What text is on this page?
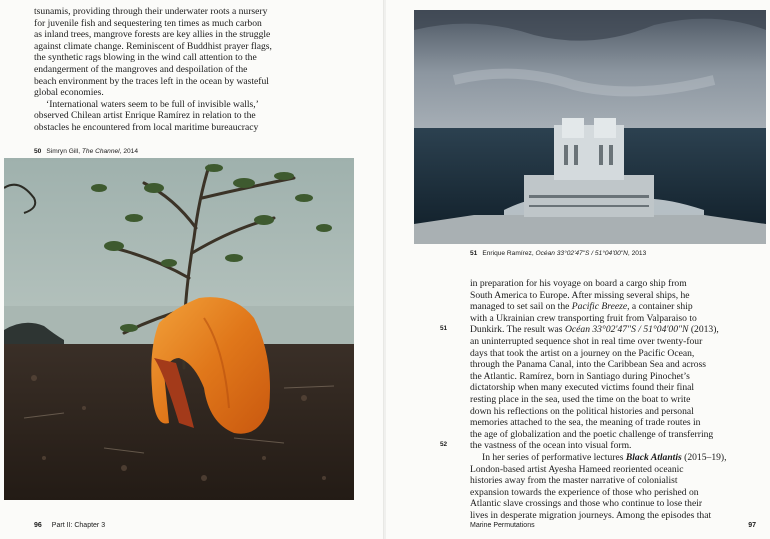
tsunamis, providing through their underwater roots a nursery
for juvenile fish and sequestering ten times as much carbon
as inland trees, mangrove forests are key allies in the struggle
against climate change. Reminiscent of Buddhist prayer flags,
the synthetic rags blowing in the wind call attention to the
endangerment of the mangroves and despoilation of the
beach environment by the traces left in the ocean by wasteful
global economies.

‘International waters seem to be full of invisible walls,’
observed Chilean artist Enrique Ramírez in relation to the
obstacles he encountered from local maritime bureaucracy

50 Simryn Gill, The Channel, 2014
96 Part II: Chapter 3
51 Enrique Ramírez, Océan 33°02'47"S / 51°04'00"N, 2013
51
52

in preparation for his voyage on board a cargo ship from
South America to Europe. After missing several ships, he
managed to set sail on the Pacific Breeze, a container ship
with a Ukrainian crew transporting fruit from Valparaiso to
Dunkirk. The result was Océan 33°02'47"S / 51°04'00"N (2013),
an uninterrupted sequence shot in real time over twenty-four
days that took the artist on a journey on the Pacific Ocean,
through the Panama Canal, into the Caribbean Sea and across
the Atlantic. Ramírez, born in Santiago during Pinochet’s
dictatorship when many executed victims found their final
resting place in the sea, used the time on the boat to write
down his reflections on the political histories and personal
memories attached to the sea, the meaning of trade routes in
the age of globalization and the poetic challenge of transferring
the vastness of the ocean into visual form.

In her series of performative lectures Black Atlantis (2015–19),
London-based artist Ayesha Hameed reoriented oceanic
histories away from the master narrative of colonialist
expansion towards the experience of those who perished on
Atlantic slave crossings and those who continue to lose their
lives in desperate migration journeys. Among the episodes that

Marine Permutations	97
